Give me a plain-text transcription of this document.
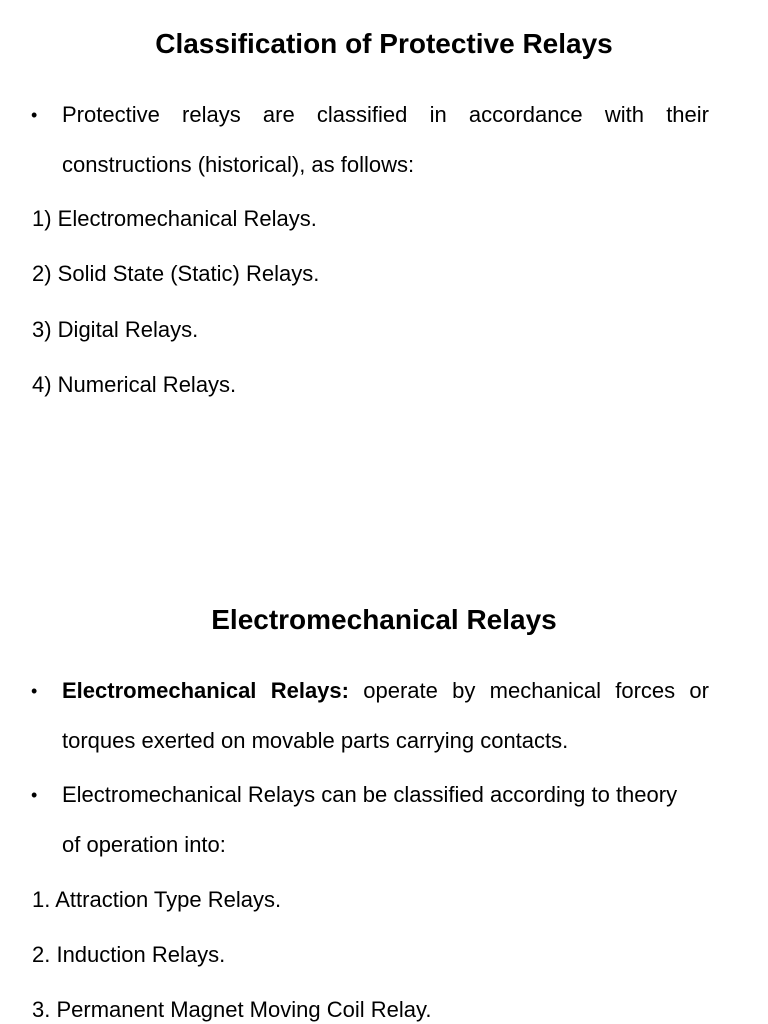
Classification of Protective Relays
• Protective relays are classified in accordance with their
constructions (historical), as follows:
1) Electromechanical Relays.
2) Solid State (Static) Relays.
3) Digital Relays.
4) Numerical Relays.
Electromechanical Relays
• Electromechanical Relays: operate by mechanical forces or
torques exerted on movable parts carrying contacts.
• Electromechanical Relays can be classified according to theory
of operation into:
1. Attraction Type Relays.
2. Induction Relays.
3. Permanent Magnet Moving Coil Relay.
